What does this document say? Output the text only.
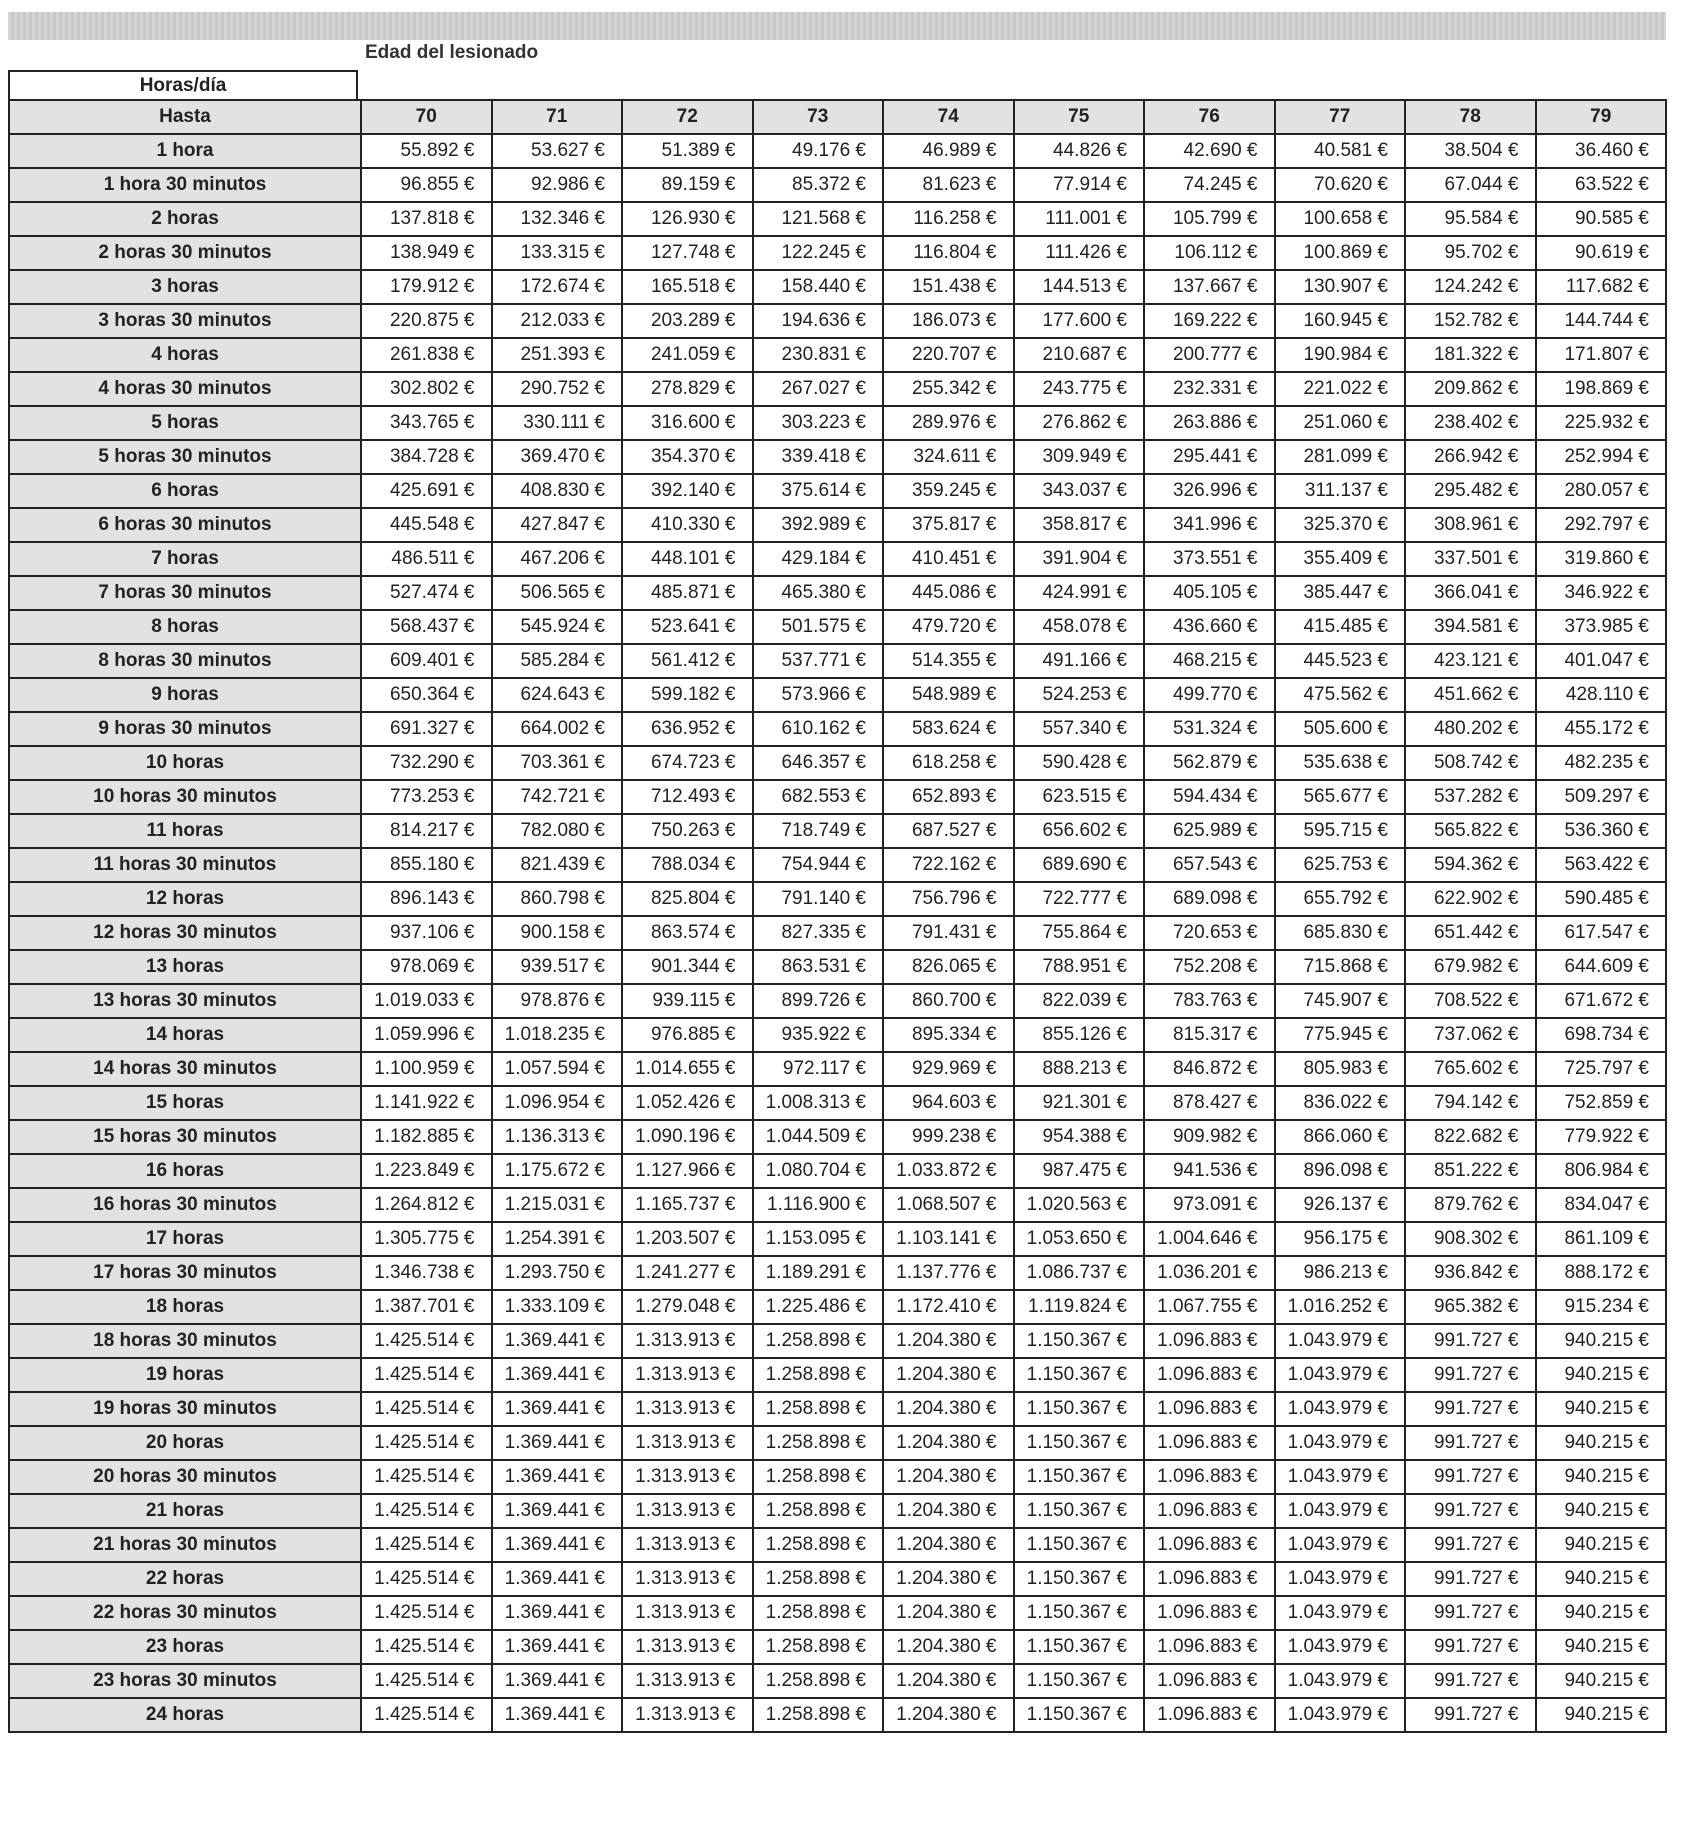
Edad del lesionado
Horas/día
Hasta	70	71	72	73	74	75	76	77	78	79
1 hora	55.892 €	53.627 €	51.389 €	49.176 €	46.989 €	44.826 €	42.690 €	40.581 €	38.504 €	36.460 €
1 hora 30 minutos	96.855 €	92.986 €	89.159 €	85.372 €	81.623 €	77.914 €	74.245 €	70.620 €	67.044 €	63.522 €
2 horas	137.818 €	132.346 €	126.930 €	121.568 €	116.258 €	111.001 €	105.799 €	100.658 €	95.584 €	90.585 €
2 horas 30 minutos	138.949 €	133.315 €	127.748 €	122.245 €	116.804 €	111.426 €	106.112 €	100.869 €	95.702 €	90.619 €
3 horas	179.912 €	172.674 €	165.518 €	158.440 €	151.438 €	144.513 €	137.667 €	130.907 €	124.242 €	117.682 €
3 horas 30 minutos	220.875 €	212.033 €	203.289 €	194.636 €	186.073 €	177.600 €	169.222 €	160.945 €	152.782 €	144.744 €
4 horas	261.838 €	251.393 €	241.059 €	230.831 €	220.707 €	210.687 €	200.777 €	190.984 €	181.322 €	171.807 €
4 horas 30 minutos	302.802 €	290.752 €	278.829 €	267.027 €	255.342 €	243.775 €	232.331 €	221.022 €	209.862 €	198.869 €
5 horas	343.765 €	330.111 €	316.600 €	303.223 €	289.976 €	276.862 €	263.886 €	251.060 €	238.402 €	225.932 €
5 horas 30 minutos	384.728 €	369.470 €	354.370 €	339.418 €	324.611 €	309.949 €	295.441 €	281.099 €	266.942 €	252.994 €
6 horas	425.691 €	408.830 €	392.140 €	375.614 €	359.245 €	343.037 €	326.996 €	311.137 €	295.482 €	280.057 €
6 horas 30 minutos	445.548 €	427.847 €	410.330 €	392.989 €	375.817 €	358.817 €	341.996 €	325.370 €	308.961 €	292.797 €
7 horas	486.511 €	467.206 €	448.101 €	429.184 €	410.451 €	391.904 €	373.551 €	355.409 €	337.501 €	319.860 €
7 horas 30 minutos	527.474 €	506.565 €	485.871 €	465.380 €	445.086 €	424.991 €	405.105 €	385.447 €	366.041 €	346.922 €
8 horas	568.437 €	545.924 €	523.641 €	501.575 €	479.720 €	458.078 €	436.660 €	415.485 €	394.581 €	373.985 €
8 horas 30 minutos	609.401 €	585.284 €	561.412 €	537.771 €	514.355 €	491.166 €	468.215 €	445.523 €	423.121 €	401.047 €
9 horas	650.364 €	624.643 €	599.182 €	573.966 €	548.989 €	524.253 €	499.770 €	475.562 €	451.662 €	428.110 €
9 horas 30 minutos	691.327 €	664.002 €	636.952 €	610.162 €	583.624 €	557.340 €	531.324 €	505.600 €	480.202 €	455.172 €
10 horas	732.290 €	703.361 €	674.723 €	646.357 €	618.258 €	590.428 €	562.879 €	535.638 €	508.742 €	482.235 €
10 horas 30 minutos	773.253 €	742.721 €	712.493 €	682.553 €	652.893 €	623.515 €	594.434 €	565.677 €	537.282 €	509.297 €
11 horas	814.217 €	782.080 €	750.263 €	718.749 €	687.527 €	656.602 €	625.989 €	595.715 €	565.822 €	536.360 €
11 horas 30 minutos	855.180 €	821.439 €	788.034 €	754.944 €	722.162 €	689.690 €	657.543 €	625.753 €	594.362 €	563.422 €
12 horas	896.143 €	860.798 €	825.804 €	791.140 €	756.796 €	722.777 €	689.098 €	655.792 €	622.902 €	590.485 €
12 horas 30 minutos	937.106 €	900.158 €	863.574 €	827.335 €	791.431 €	755.864 €	720.653 €	685.830 €	651.442 €	617.547 €
13 horas	978.069 €	939.517 €	901.344 €	863.531 €	826.065 €	788.951 €	752.208 €	715.868 €	679.982 €	644.609 €
13 horas 30 minutos	1.019.033 €	978.876 €	939.115 €	899.726 €	860.700 €	822.039 €	783.763 €	745.907 €	708.522 €	671.672 €
14 horas	1.059.996 €	1.018.235 €	976.885 €	935.922 €	895.334 €	855.126 €	815.317 €	775.945 €	737.062 €	698.734 €
14 horas 30 minutos	1.100.959 €	1.057.594 €	1.014.655 €	972.117 €	929.969 €	888.213 €	846.872 €	805.983 €	765.602 €	725.797 €
15 horas	1.141.922 €	1.096.954 €	1.052.426 €	1.008.313 €	964.603 €	921.301 €	878.427 €	836.022 €	794.142 €	752.859 €
15 horas 30 minutos	1.182.885 €	1.136.313 €	1.090.196 €	1.044.509 €	999.238 €	954.388 €	909.982 €	866.060 €	822.682 €	779.922 €
16 horas	1.223.849 €	1.175.672 €	1.127.966 €	1.080.704 €	1.033.872 €	987.475 €	941.536 €	896.098 €	851.222 €	806.984 €
16 horas 30 minutos	1.264.812 €	1.215.031 €	1.165.737 €	1.116.900 €	1.068.507 €	1.020.563 €	973.091 €	926.137 €	879.762 €	834.047 €
17 horas	1.305.775 €	1.254.391 €	1.203.507 €	1.153.095 €	1.103.141 €	1.053.650 €	1.004.646 €	956.175 €	908.302 €	861.109 €
17 horas 30 minutos	1.346.738 €	1.293.750 €	1.241.277 €	1.189.291 €	1.137.776 €	1.086.737 €	1.036.201 €	986.213 €	936.842 €	888.172 €
18 horas	1.387.701 €	1.333.109 €	1.279.048 €	1.225.486 €	1.172.410 €	1.119.824 €	1.067.755 €	1.016.252 €	965.382 €	915.234 €
18 horas 30 minutos	1.425.514 €	1.369.441 €	1.313.913 €	1.258.898 €	1.204.380 €	1.150.367 €	1.096.883 €	1.043.979 €	991.727 €	940.215 €
19 horas	1.425.514 €	1.369.441 €	1.313.913 €	1.258.898 €	1.204.380 €	1.150.367 €	1.096.883 €	1.043.979 €	991.727 €	940.215 €
19 horas 30 minutos	1.425.514 €	1.369.441 €	1.313.913 €	1.258.898 €	1.204.380 €	1.150.367 €	1.096.883 €	1.043.979 €	991.727 €	940.215 €
20 horas	1.425.514 €	1.369.441 €	1.313.913 €	1.258.898 €	1.204.380 €	1.150.367 €	1.096.883 €	1.043.979 €	991.727 €	940.215 €
20 horas 30 minutos	1.425.514 €	1.369.441 €	1.313.913 €	1.258.898 €	1.204.380 €	1.150.367 €	1.096.883 €	1.043.979 €	991.727 €	940.215 €
21 horas	1.425.514 €	1.369.441 €	1.313.913 €	1.258.898 €	1.204.380 €	1.150.367 €	1.096.883 €	1.043.979 €	991.727 €	940.215 €
21 horas 30 minutos	1.425.514 €	1.369.441 €	1.313.913 €	1.258.898 €	1.204.380 €	1.150.367 €	1.096.883 €	1.043.979 €	991.727 €	940.215 €
22 horas	1.425.514 €	1.369.441 €	1.313.913 €	1.258.898 €	1.204.380 €	1.150.367 €	1.096.883 €	1.043.979 €	991.727 €	940.215 €
22 horas 30 minutos	1.425.514 €	1.369.441 €	1.313.913 €	1.258.898 €	1.204.380 €	1.150.367 €	1.096.883 €	1.043.979 €	991.727 €	940.215 €
23 horas	1.425.514 €	1.369.441 €	1.313.913 €	1.258.898 €	1.204.380 €	1.150.367 €	1.096.883 €	1.043.979 €	991.727 €	940.215 €
23 horas 30 minutos	1.425.514 €	1.369.441 €	1.313.913 €	1.258.898 €	1.204.380 €	1.150.367 €	1.096.883 €	1.043.979 €	991.727 €	940.215 €
24 horas	1.425.514 €	1.369.441 €	1.313.913 €	1.258.898 €	1.204.380 €	1.150.367 €	1.096.883 €	1.043.979 €	991.727 €	940.215 €
